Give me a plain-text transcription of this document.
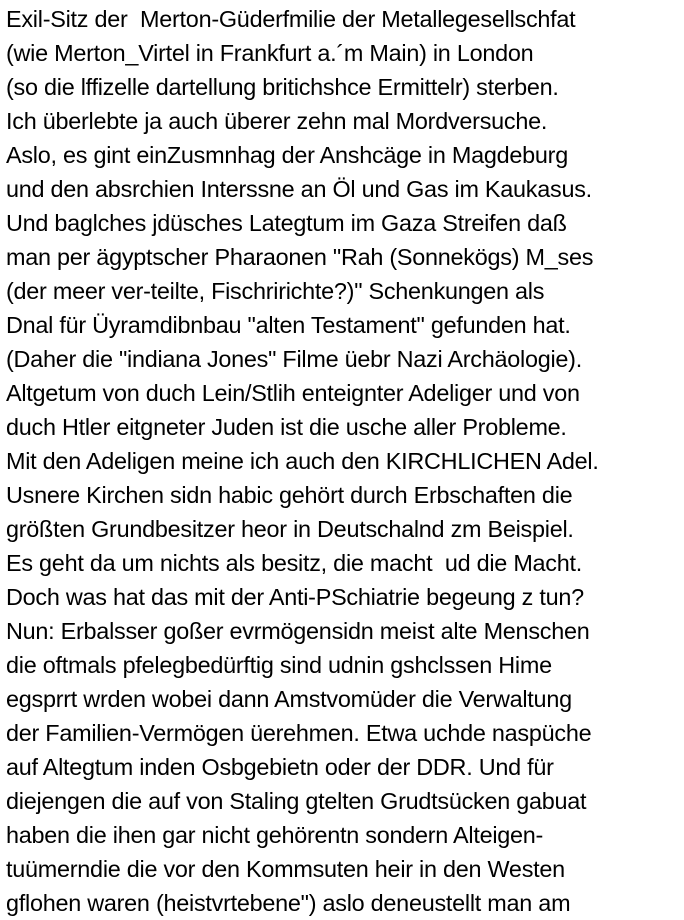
Exil-Sitz der  Merton-Güderfmilie der Metallegesellschfat
(wie Merton_Virtel in Frankfurt a.´m Main) in London
(so die lffizelle dartellung britichshce Ermittelr) sterben.
Ich überlebte ja auch überer zehn mal Mordversuche.
Aslo, es gint einZusmnhag der Anshcäge in Magdeburg
und den absrchien Interssne an Öl und Gas im Kaukasus.
Und baglches jdüsches Lategtum im Gaza Streifen daß
man per ägyptscher Pharaonen "Rah (Sonnekögs) M_ses
(der meer ver-teilte, Fischririchte?)" Schenkungen als
Dnal für Üyramdibnbau "alten Testament" gefunden hat.
(Daher die "indiana Jones" Filme üebr Nazi Archäologie).
Altgetum von duch Lein/Stlih enteignter Adeliger und von
duch Htler eitgneter Juden ist die usche aller Probleme.
Mit den Adeligen meine ich auch den KIRCHLICHEN Adel.
Usnere Kirchen sidn habic gehört durch Erbschaften die
größten Grundbesitzer heor in Deutschalnd zm Beispiel.
Es geht da um nichts als besitz, die macht  ud die Macht.
Doch was hat das mit der Anti-PSchiatrie begeung z tun?
Nun: Erbalsser goßer evrmögensidn meist alte Menschen
die oftmals pfelegbedürftig sind udnin gshclssen Hime
egsprrt wrden wobei dann Amstvomüder die Verwaltung
der Familien-Vermögen üerehmen. Etwa uchde naspüche
auf Altegtum inden Osbgebietn oder der DDR. Und für
diejengen die auf von Staling gtelten Grudtsücken gabuat
haben die ihen gar nicht gehörentn sondern Alteigen-
tuümerndie die vor den Kommsuten heir in den Westen
gflohen waren (heistvrtebene") aslo deneustellt man am
